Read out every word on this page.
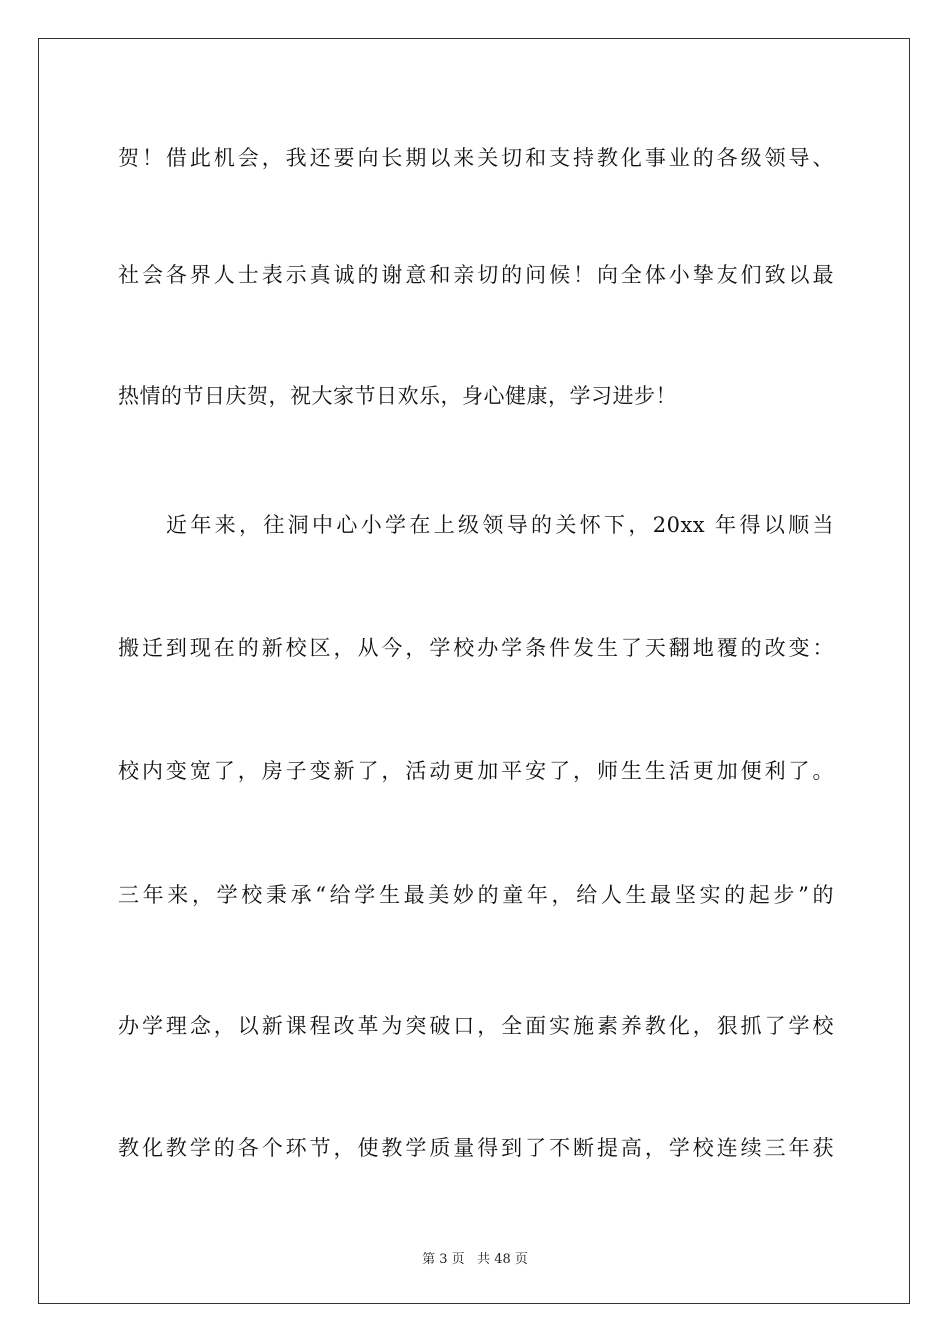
贺！借此机会，我还要向长期以来关切和支持教化事业的各级领导、
社会各界人士表示真诚的谢意和亲切的问候！向全体小挚友们致以最
热情的节日庆贺，祝大家节日欢乐，身心健康，学习进步！
近年来，往洞中心小学在上级领导的关怀下，20xx 年得以顺当
搬迁到现在的新校区，从今，学校办学条件发生了天翻地覆的改变：
校内变宽了，房子变新了，活动更加平安了，师生生活更加便利了。
三年来，学校秉承“给学生最美妙的童年，给人生最坚实的起步”的
办学理念，以新课程改革为突破口，全面实施素养教化，狠抓了学校
教化教学的各个环节，使教学质量得到了不断提高，学校连续三年获
第 3 页   共 48 页
